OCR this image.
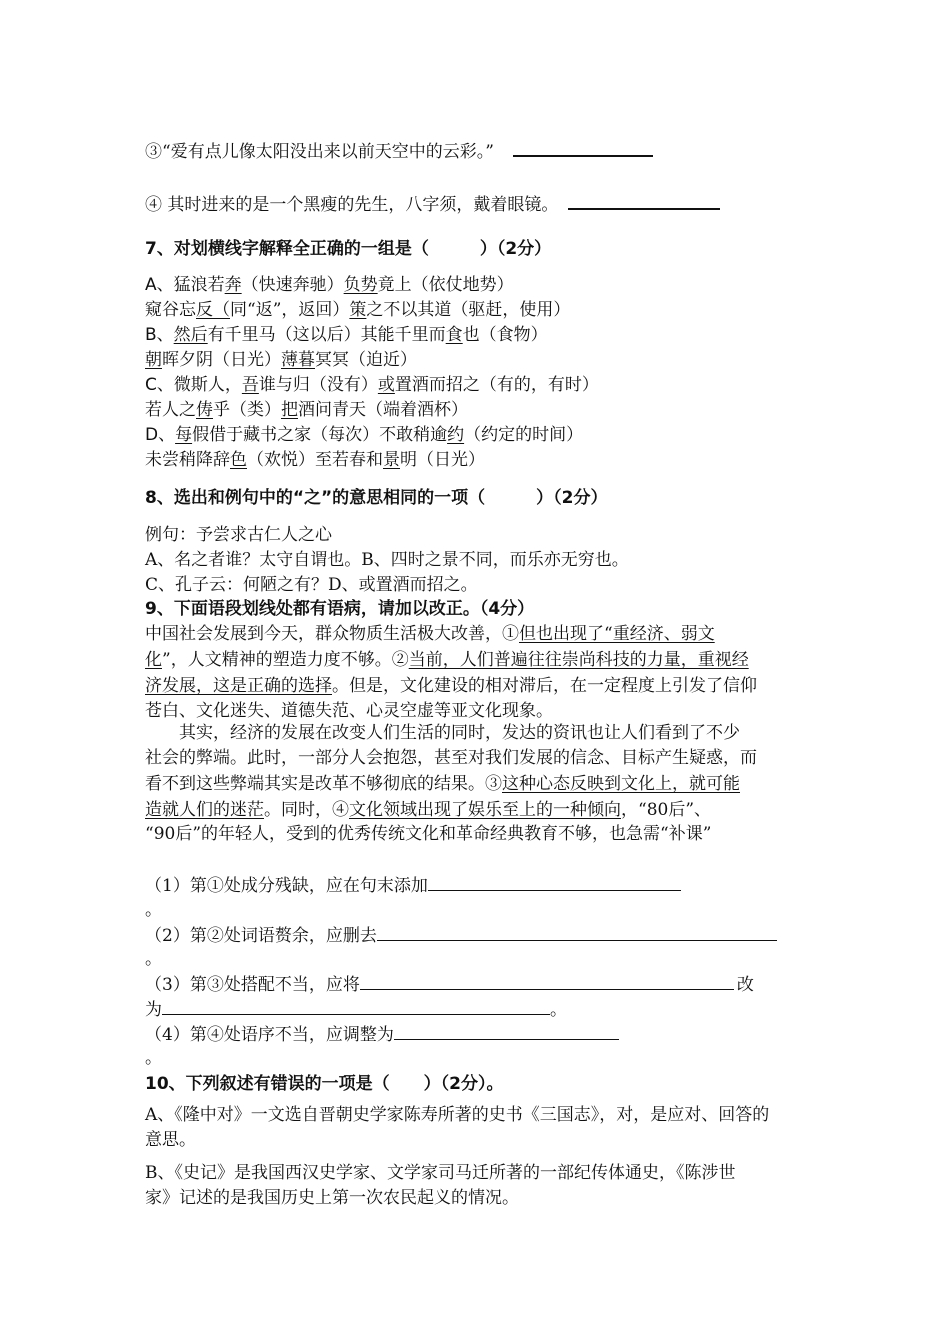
③“爱有点儿像太阳没出来以前天空中的云彩。”
④ 其时进来的是一个黑瘦的先生，八字须，戴着眼镜。
7、对划横线字解释全正确的一组是（　　　）（2分）
A、猛浪若奔（快速奔驰）负势竟上（依仗地势）
窥谷忘反（同“返”，返回）策之不以其道（驱赶，使用）
B、然后有千里马（这以后）其能千里而食也（食物）
朝晖夕阴（日光）薄暮冥冥（迫近）
C、微斯人，吾谁与归（没有）或置酒而招之（有的，有时）
若人之俦乎（类）把酒问青天（端着酒杯）
D、每假借于藏书之家（每次）不敢稍逾约（约定的时间）
未尝稍降辞色（欢悦）至若春和景明（日光）
8、选出和例句中的“之”的意思相同的一项（　　　）（2分）
例句：予尝求古仁人之心
A、名之者谁？太守自谓也。B、四时之景不同，而乐亦无穷也。
C、孔子云：何陋之有？D、或置酒而招之。
9、下面语段划线处都有语病，请加以改正。（4分）
中国社会发展到今天，群众物质生活极大改善，①但也出现了“重经济、弱文
化”，人文精神的塑造力度不够。②当前，人们普遍往往崇尚科技的力量，重视经
济发展，这是正确的选择。但是，文化建设的相对滞后，在一定程度上引发了信仰
苍白、文化迷失、道德失范、心灵空虚等亚文化现象。
　　其实，经济的发展在改变人们生活的同时，发达的资讯也让人们看到了不少
社会的弊端。此时，一部分人会抱怨，甚至对我们发展的信念、目标产生疑惑，而
看不到这些弊端其实是改革不够彻底的结果。③这种心态反映到文化上，就可能
造就人们的迷茫。同时，④文化领域出现了娱乐至上的一种倾向，“80后”、
“90后”的年轻人，受到的优秀传统文化和革命经典教育不够，也急需“补课”
（1）第①处成分残缺，应在句末添加
。
（2）第②处词语赘余，应删去
。
（3）第③处搭配不当，应将	改
为	。
（4）第④处语序不当，应调整为
。
10、下列叙述有错误的一项是（　　）（2分）。
A、《隆中对》一文选自晋朝史学家陈寿所著的史书《三国志》，对，是应对、回答的
意思。
B、《史记》是我国西汉史学家、文学家司马迁所著的一部纪传体通史，《陈涉世
家》记述的是我国历史上第一次农民起义的情况。
